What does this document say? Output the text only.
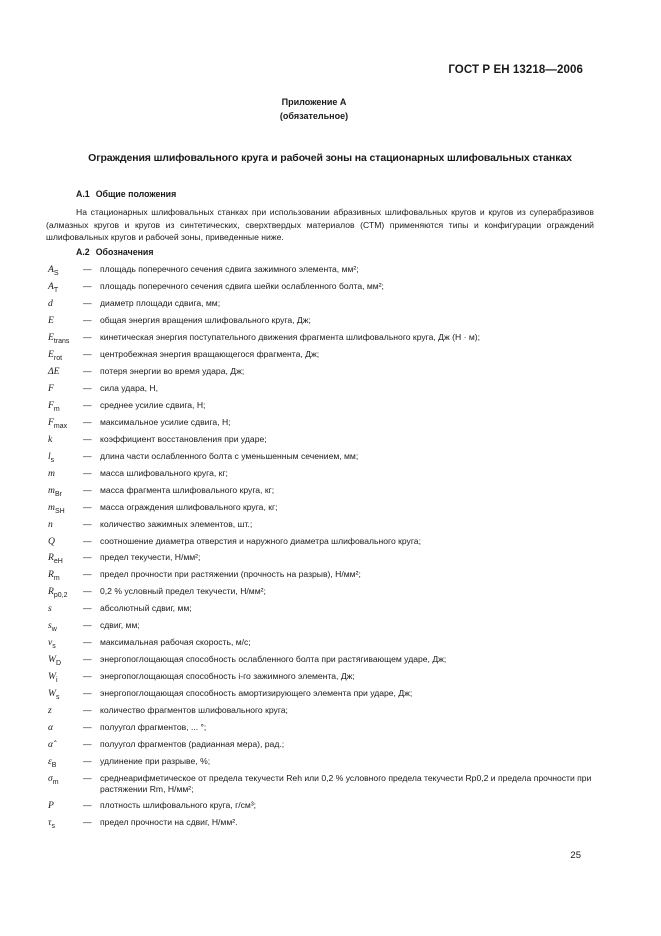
ГОСТ Р ЕН 13218—2006
Приложение А
(обязательное)
Ограждения шлифовального круга и рабочей зоны на стационарных шлифовальных станках
А.1 Общие положения
На стационарных шлифовальных станках при использовании абразивных шлифовальных кругов и кругов из суперабразивов (алмазных кругов и кругов из синтетических, сверхтвердых материалов (СТМ) применяются типы и конфигурации ограждений шлифовальных кругов и рабочей зоны, приведенные ниже.
А.2 Обозначения
$A_S$	— площадь поперечного сечения сдвига зажимного элемента, мм²;
$A_T$	— площадь поперечного сечения сдвига шейки ослабленного болта, мм²;
d	— диаметр площади сдвига, мм;
E	— общая энергия вращения шлифовального круга, Дж;
$E_{trans}$	— кинетическая энергия поступательного движения фрагмента шлифовального круга, Дж (Н · м);
$E_{rot}$	— центробежная энергия вращающегося фрагмента, Дж;
ΔE	— потеря энергии во время удара, Дж;
F	— сила удара, Н,
$F_m$	— среднее усилие сдвига, Н;
$F_{max}$	— максимальное усилие сдвига, Н;
k	— коэффициент восстановления при ударе;
$l_s$	— длина части ослабленного болта с уменьшенным сечением, мм;
m	— масса шлифовального круга, кг;
$m_{Br}$	— масса фрагмента шлифовального круга, кг;
$m_{SH}$	— масса ограждения шлифовального круга, кг;
n	— количество зажимных элементов, шт.;
Q	— соотношение диаметра отверстия и наружного диаметра шлифовального круга;
$R_{eH}$	— предел текучести, Н/мм²;
$R_m$	— предел прочности при растяжении (прочность на разрыв), Н/мм²;
$R_{p0,2}$	— 0,2 % условный предел текучести, Н/мм²;
s	— абсолютный сдвиг, мм;
$s_w$	— сдвиг, мм;
$v_s$	— максимальная рабочая скорость, м/с;
$W_D$	— энергопоглощающая способность ослабленного болта при растягивающем ударе, Дж;
$W_i$	— энергопоглощающая способность i-го зажимного элемента, Дж;
$W_s$	— энергопоглощающая способность амортизирующего элемента при ударе, Дж;
z	— количество фрагментов шлифовального круга;
α	— полуугол фрагментов, ... °;
α̂	— полуугол фрагментов (радианная мера), рад.;
$\varepsilon_B$	— удлинение при разрыве, %;
$\sigma_m$	— среднеарифметическое от предела текучести Reh или 0,2 % условного предела текучести Rp0,2 и предела прочности при растяжении Rm, Н/мм²;
P	— плотность шлифовального круга, г/см³;
$\tau_s$	— предел прочности на сдвиг, Н/мм².
25
